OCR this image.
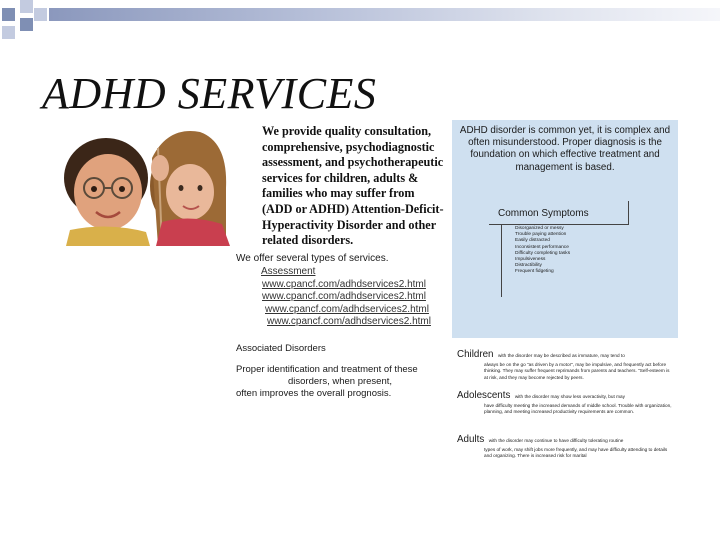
ADHD SERVICES
We provide quality consultation, comprehensive, psychodiagnostic assessment, and psychotherapeutic services for children, adults & families who may suffer from (ADD or ADHD) Attention-Deficit-Hyperactivity Disorder and other related disorders.
We offer several types of services.
Assessment
www.cpancf.com/adhdservices2.html
www.cpancf.com/adhdservices2.html
www.cpancf.com/adhdservices2.html
www.cpancf.com/adhdservices2.html
Associated Disorders
Proper identification and treatment of these
disorders, when present,
often improves the overall prognosis.
ADHD disorder is common yet, it is complex and often misunderstood. Proper diagnosis is the foundation on which effective treatment and management is based.
Common Symptoms
Disorganized or messy
Trouble paying attention
Easily distracted
Inconsistent performance
Difficulty completing tasks
Impulsiveness
Distractibility
Frequent fidgeting
Children with the disorder may be described as immature, may tend to
always be on the go "as driven by a motor", may be impulsive, and frequently act before thinking. They may suffer frequent reprimands from parents and teachers. "Self-esteem is at risk, and they may become rejected by peers.
Adolescents with the disorder may show less overactivity, but may
have difficulty meeting the increased demands of middle school. Trouble with organization, planning, and meeting increased productivity requirements are common.
Adults with the disorder may continue to have difficulty tolerating routine
types of work, may shift jobs more frequently, and may have difficulty attending to details and organizing. There is increased risk for marital
